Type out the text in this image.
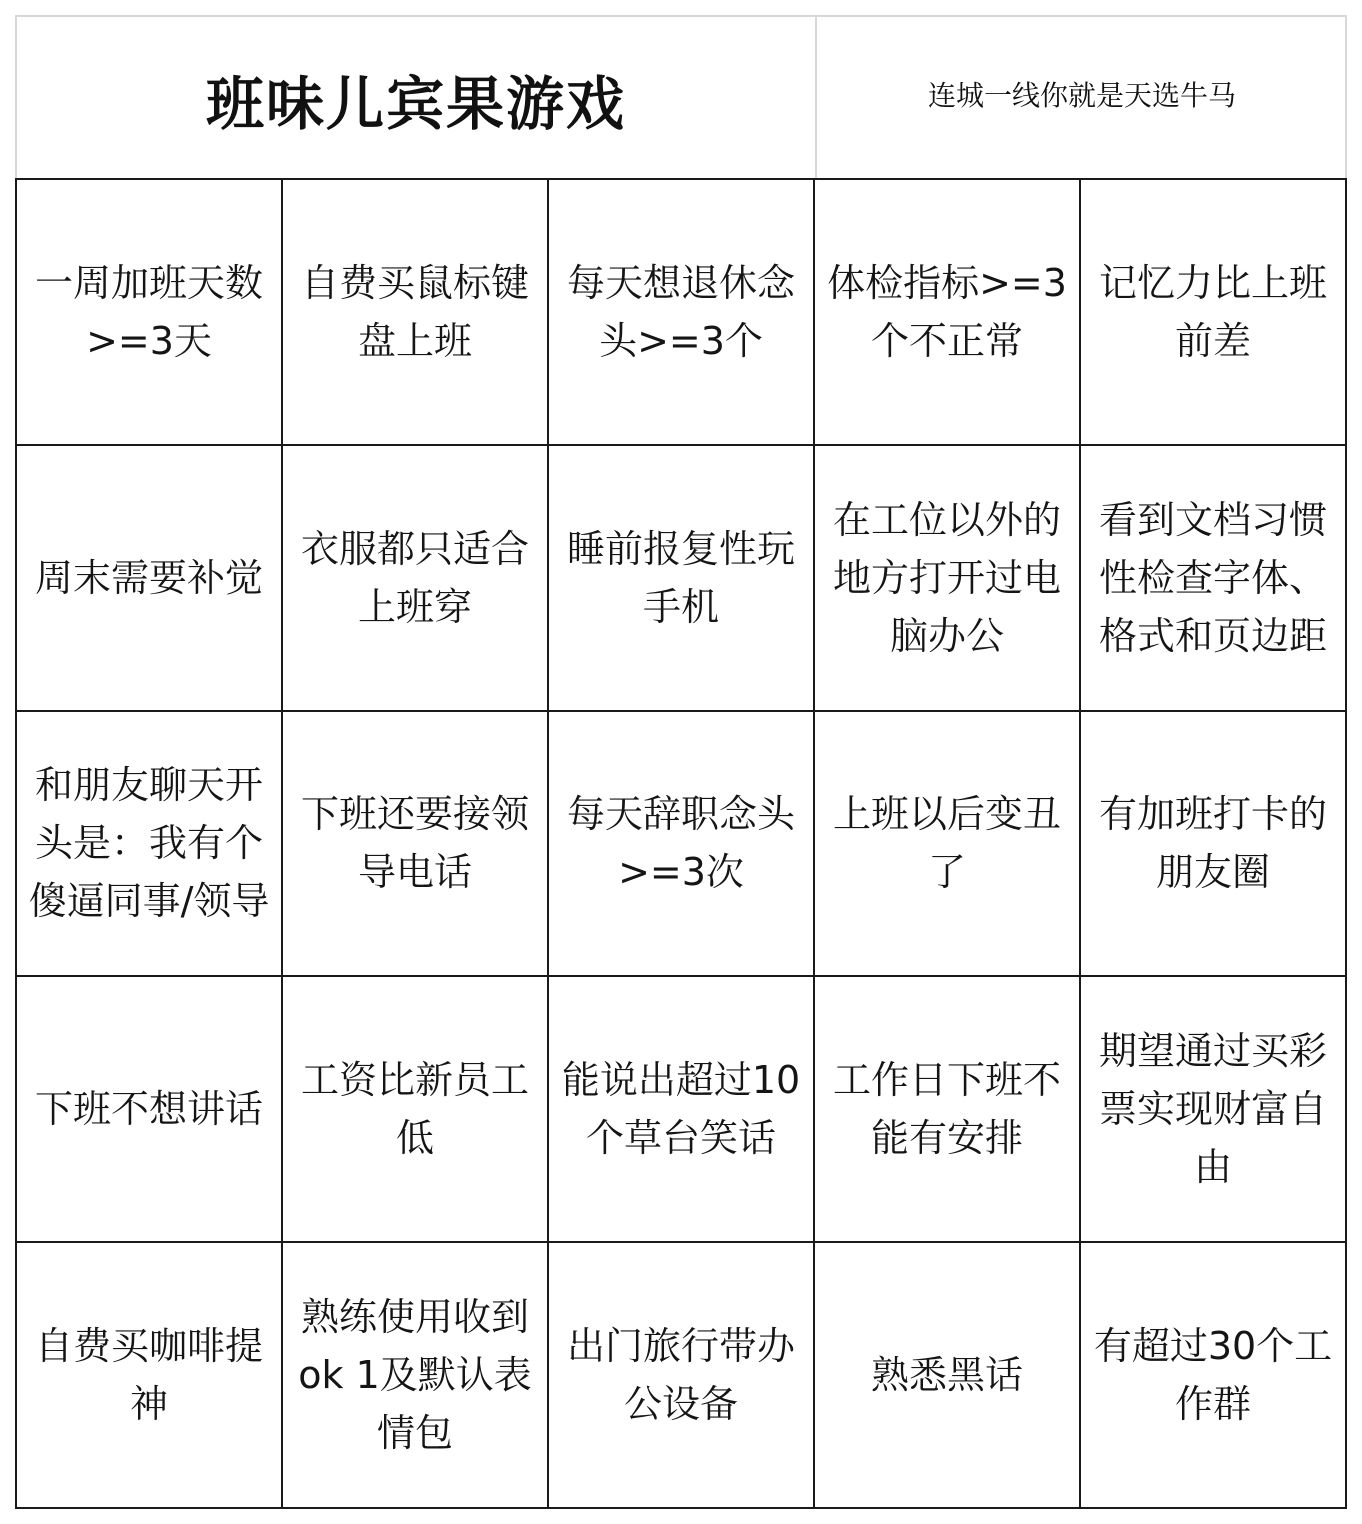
班味儿宾果游戏	连城一线你就是天选牛马
一周加班天数>=3天
自费买鼠标键盘上班
每天想退休念头>=3个
体检指标>=3个不正常
记忆力比上班前差
周末需要补觉
衣服都只适合上班穿
睡前报复性玩手机
在工位以外的地方打开过电脑办公
看到文档习惯性检查字体、格式和页边距
和朋友聊天开头是：我有个傻逼同事/领导
下班还要接领导电话
每天辞职念头>=3次
上班以后变丑了
有加班打卡的朋友圈
下班不想讲话
工资比新员工低
能说出超过10个草台笑话
工作日下班不能有安排
期望通过买彩票实现财富自由
自费买咖啡提神
熟练使用收到ok 1及默认表情包
出门旅行带办公设备
熟悉黑话
有超过30个工作群
